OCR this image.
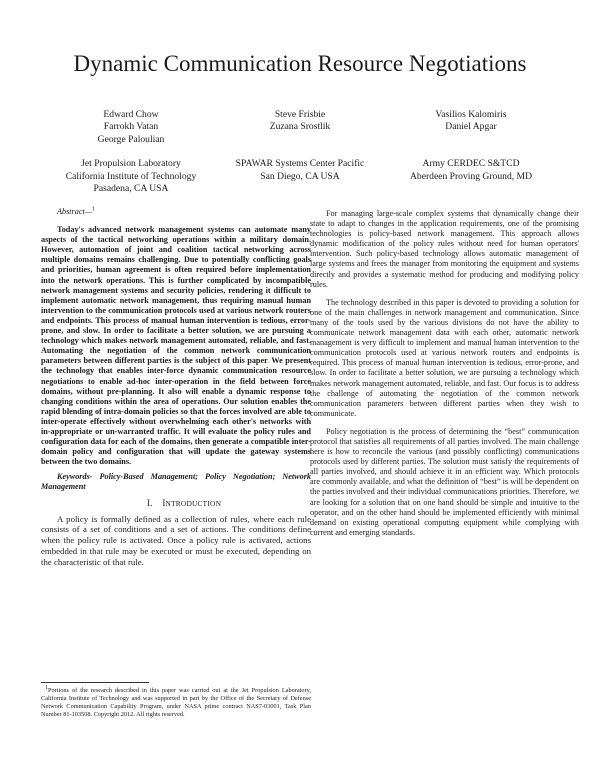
Dynamic Communication Resource Negotiations
Edward Chow
Farrokh Vatan
George Paloulian
Jet Propulsion Laboratory
California Institute of Technology
Pasadena, CA USA
Steve Frisbie
Zuzana Srostlik
SPAWAR Systems Center Pacific
San Diego, CA USA
Vasilios Kalomiris
Daniel Apgar
Army CERDEC S&TCD
Aberdeen Proving Ground, MD

Abstract—$^1$

Today's advanced network management systems can automate many aspects of the tactical networking operations within a military domain. However, automation of joint and coalition tactical networking across multiple domains remains challenging. Due to potentially conflicting goals and priorities, human agreement is often required before implementation into the network operations. This is further complicated by incompatible network management systems and security policies, rendering it difficult to implement automatic network management, thus requiring manual human intervention to the communication protocols used at various network routers and endpoints. This process of manual human intervention is tedious, error-prone, and slow. In order to facilitate a better solution, we are pursuing a technology which makes network management automated, reliable, and fast. Automating the negotiation of the common network communication parameters between different parties is the subject of this paper. We present the technology that enables inter-force dynamic communication resource negotiations to enable ad-hoc inter-operation in the field between force domains, without pre-planning. It also will enable a dynamic response to changing conditions within the area of operations. Our solution enables the rapid blending of intra-domain policies so that the forces involved are able to inter-operate effectively without overwhelming each other's networks with in-appropriate or un-warranted traffic. It will evaluate the policy rules and configuration data for each of the domains, then generate a compatible inter-domain policy and configuration that will update the gateway systems between the two domains.

Keywords- Policy-Based Management; Policy Negotiation; Network Management

I. INTRODUCTION

A policy is formally defined as a collection of rules, where each rule consists of a set of conditions and a set of actions. The conditions define when the policy rule is activated. Once a policy rule is activated, actions embedded in that rule may be executed or must be executed, depending on the characteristic of that rule.

For managing large-scale complex systems that dynamically change their state to adapt to changes in the application requirements, one of the promising technologies is policy-based network management. This approach allows dynamic modification of the policy rules without need for human operators' intervention. Such policy-based technology allows automatic management of large systems and frees the manager from monitoring the equipment and systems directly and provides a systematic method for producing and modifying policy rules.

The technology described in this paper is devoted to providing a solution for one of the main challenges in network management and communication. Since many of the tools used by the various divisions do not have the ability to communicate network management data with each other, automatic network management is very difficult to implement and manual human intervention to the communication protocols used at various network routers and endpoints is required. This process of manual human intervention is tedious, error-prone, and slow. In order to facilitate a better solution, we are pursuing a technology which makes network management automated, reliable, and fast. Our focus is to address the challenge of automating the negotiation of the common network communication parameters between different parties when they wish to communicate.

Policy negotiation is the process of determining the “best” communication protocol that satisfies all requirements of all parties involved. The main challenge here is how to reconcile the various (and possibly conflicting) communications protocols used by different parties. The solution must satisfy the requirements of all parties involved, and should achieve it in an efficient way. Which protocols are commonly available, and what the definition of “best” is will be dependent on the parties involved and their individual communications priorities. Therefore, we are looking for a solution that on one hand should be simple and intuitive to the operator, and on the other hand should be implemented efficiently with minimal demand on existing operational computing equipment while complying with current and emerging standards.

$^1$Portions of the research described in this paper was carried out at the Jet Propulsion Laboratory, California Institute of Technology and was supported in part by the Office of the Secretary of Defense Network Communication Capability Program, under NASA prime contract NAS7-03001, Task Plan Number 81-103508. Copyright 2012. All rights reserved.
